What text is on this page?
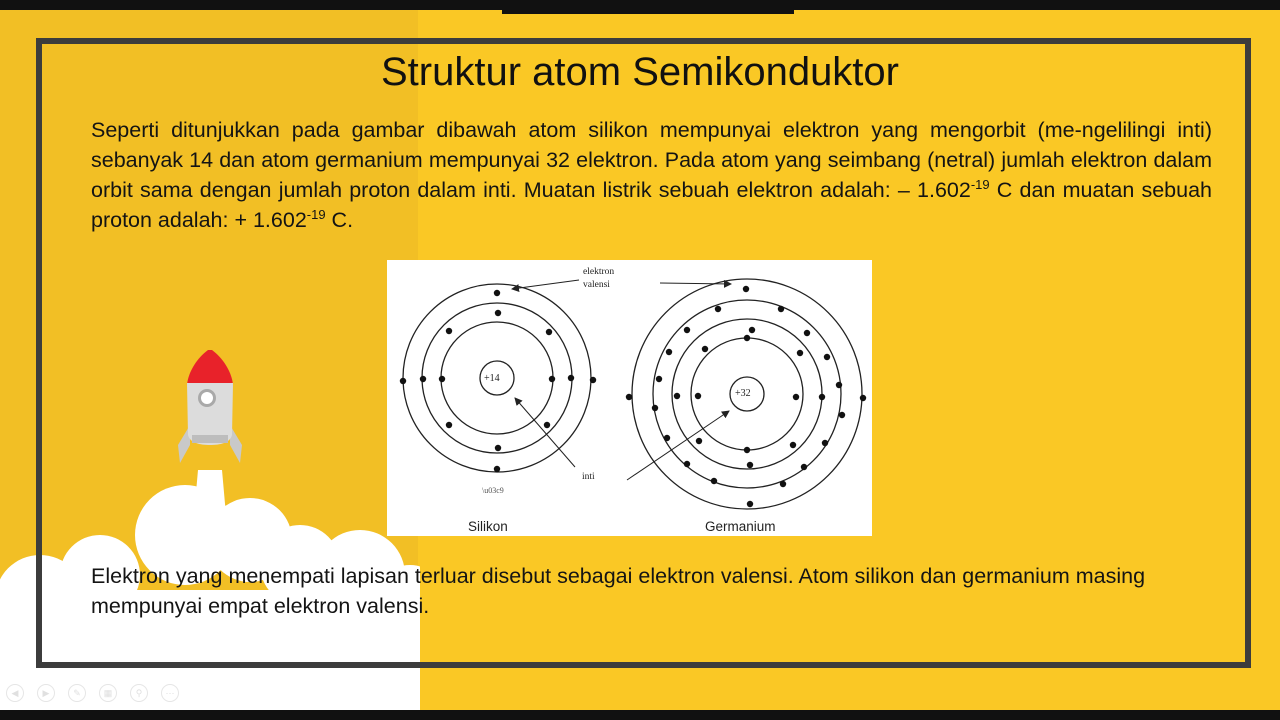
Struktur atom Semikonduktor
Seperti ditunjukkan pada gambar dibawah atom silikon mempunyai elektron yang mengorbit (me-ngelilingi inti) sebanyak 14 dan atom germanium mempunyai 32 elektron. Pada atom yang seimbang (netral) jumlah elektron dalam orbit sama dengan jumlah proton dalam inti. Muatan listrik sebuah elektron adalah: – $1.602^{-19}$ C dan muatan sebuah proton adalah: + $1.602^{-19}$ C.
+14
+32
elektron
valensi
inti
\u03c9
Silikon	Germanium
Elektron yang menempati lapisan terluar disebut sebagai elektron valensi. Atom silikon dan germanium masing mempunyai empat elektron valensi.
◀	▶	✎	▦	⚲	⋯
